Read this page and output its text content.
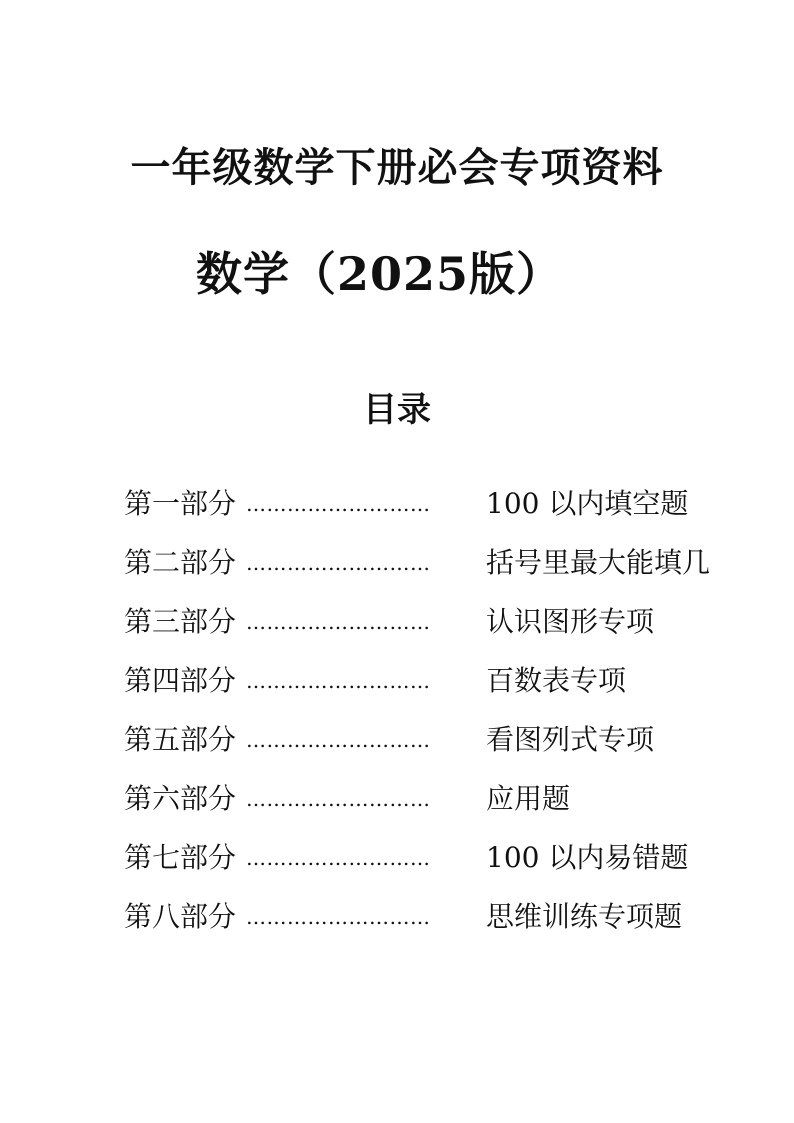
一年级数学下册必会专项资料
数学（2025版）
目录
第一部分 ………………………	100 以内填空题
第二部分 ………………………	括号里最大能填几
第三部分 ………………………	认识图形专项
第四部分 ………………………	百数表专项
第五部分 ………………………	看图列式专项
第六部分 ………………………	应用题
第七部分 ………………………	100 以内易错题
第八部分 ………………………	思维训练专项题
